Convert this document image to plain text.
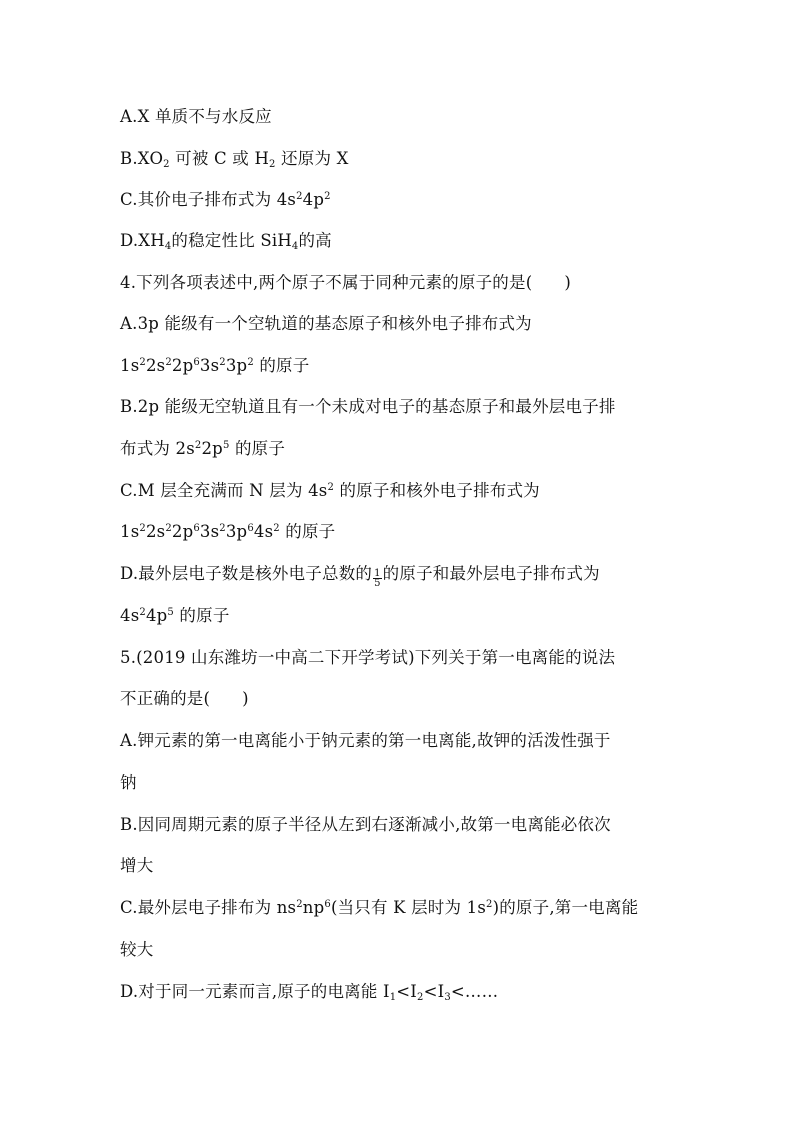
A.X 单质不与水反应
$B.XO_2$ 可被 C 或 $H_2$ 还原为 X
C.其价电子排布式为 $4s^24p^2$
$D.XH_4$的稳定性比 SiH$_4$的高
4.下列各项表述中,两个原子不属于同种元素的原子的是( )
A.3p 能级有一个空轨道的基态原子和核外电子排布式为
$1s^22s^22p^63s^23p^2$ 的原子
B.2p 能级无空轨道且有一个未成对电子的基态原子和最外层电子排
布式为 $2s^22p^5$ 的原子
C.M 层全充满而 N 层为 $4s^2$ 的原子和核外电子排布式为
$1s^22s^22p^63s^23p^64s^2$ 的原子
D.最外层电子数是核外电子总数的 $\frac{1}{5}$ 的原子和最外层电子排布式为
$4s^24p^5$ 的原子
5.(2019 山东潍坊一中高二下开学考试)下列关于第一电离能的说法
不正确的是( )
A.钾元素的第一电离能小于钠元素的第一电离能,故钾的活泼性强于
钠
B.因同周期元素的原子半径从左到右逐渐减小,故第一电离能必依次
增大
C.最外层电子排布为 $ns^2np^6$(当只有 K 层时为 $1s^2$)的原子,第一电离能
较大
D.对于同一元素而言,原子的电离能 $I_1<I_2<I_3<\dots\dots$
